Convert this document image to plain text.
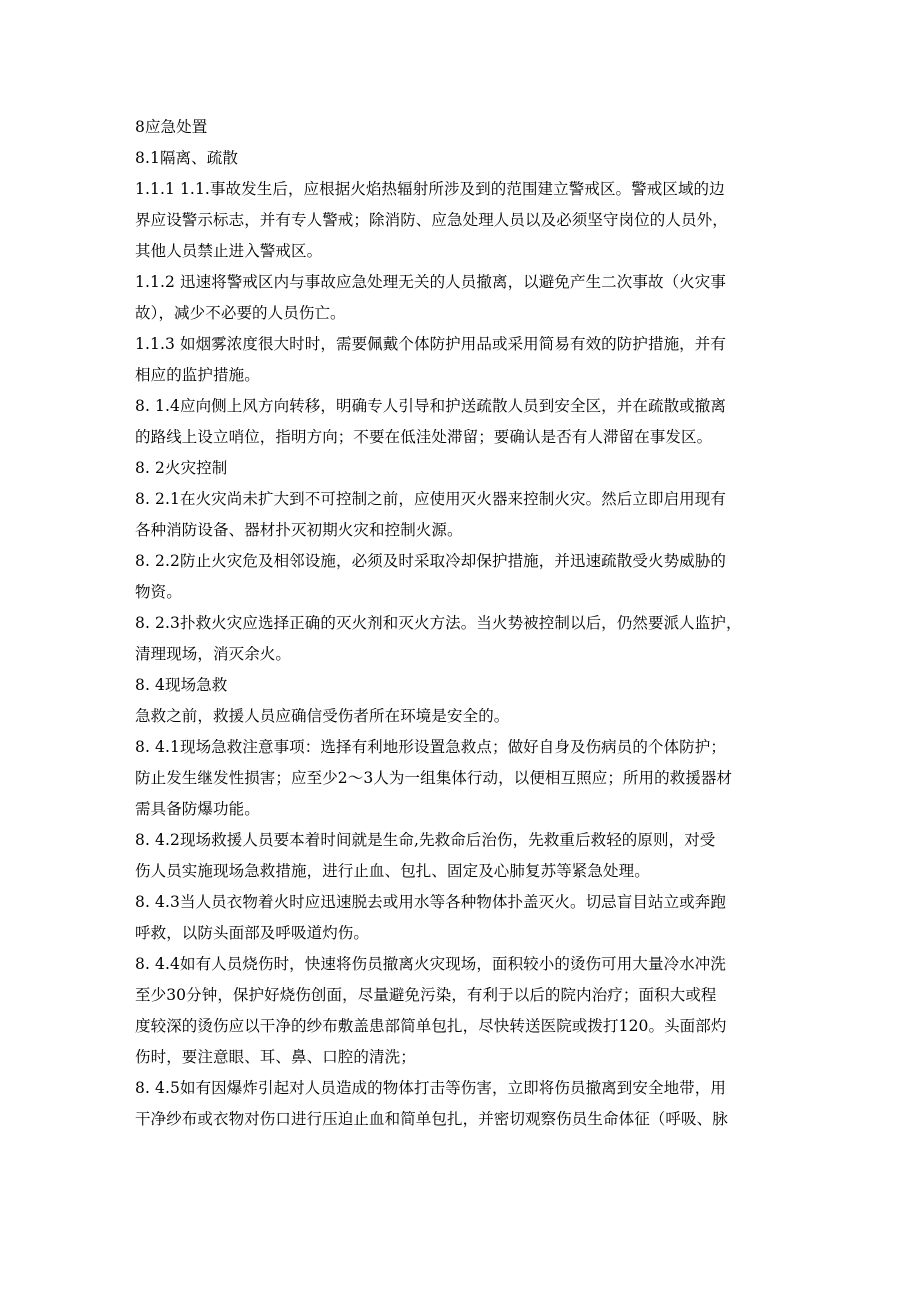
8应急处置
8.1隔离、疏散
1.1.1 1.1.事故发生后，应根据火焰热辐射所涉及到的范围建立警戒区。警戒区域的边
界应设警示标志，并有专人警戒；除消防、应急处理人员以及必须坚守岗位的人员外，
其他人员禁止进入警戒区。
1.1.2 迅速将警戒区内与事故应急处理无关的人员撤离，以避免产生二次事故（火灾事
故），减少不必要的人员伤亡。
1.1.3 如烟雾浓度很大时时，需要佩戴个体防护用品或采用简易有效的防护措施，并有
相应的监护措施。
8. 1.4应向侧上风方向转移，明确专人引导和护送疏散人员到安全区，并在疏散或撤离
的路线上设立哨位，指明方向；不要在低洼处滞留；要确认是否有人滞留在事发区。
8. 2火灾控制
8. 2.1在火灾尚未扩大到不可控制之前，应使用灭火器来控制火灾。然后立即启用现有
各种消防设备、器材扑灭初期火灾和控制火源。
8. 2.2防止火灾危及相邻设施，必须及时采取冷却保护措施，并迅速疏散受火势威胁的
物资。
8. 2.3扑救火灾应选择正确的灭火剂和灭火方法。当火势被控制以后，仍然要派人监护，
清理现场，消灭余火。
8. 4现场急救
急救之前，救援人员应确信受伤者所在环境是安全的。
8. 4.1现场急救注意事项：选择有利地形设置急救点；做好自身及伤病员的个体防护；
防止发生继发性损害；应至少2～3人为一组集体行动，以便相互照应；所用的救援器材
需具备防爆功能。
8. 4.2现场救援人员要本着时间就是生命,先救命后治伤，先救重后救轻的原则，对受
伤人员实施现场急救措施，进行止血、包扎、固定及心肺复苏等紧急处理。
8. 4.3当人员衣物着火时应迅速脱去或用水等各种物体扑盖灭火。切忌盲目站立或奔跑
呼救，以防头面部及呼吸道灼伤。
8. 4.4如有人员烧伤时，快速将伤员撤离火灾现场，面积较小的烫伤可用大量冷水冲洗
至少30分钟，保护好烧伤创面，尽量避免污染，有利于以后的院内治疗；面积大或程
度较深的烫伤应以干净的纱布敷盖患部简单包扎，尽快转送医院或拨打120。头面部灼
伤时，要注意眼、耳、鼻、口腔的清洗；
8. 4.5如有因爆炸引起对人员造成的物体打击等伤害，立即将伤员撤离到安全地带，用
干净纱布或衣物对伤口进行压迫止血和简单包扎，并密切观察伤员生命体征（呼吸、脉
